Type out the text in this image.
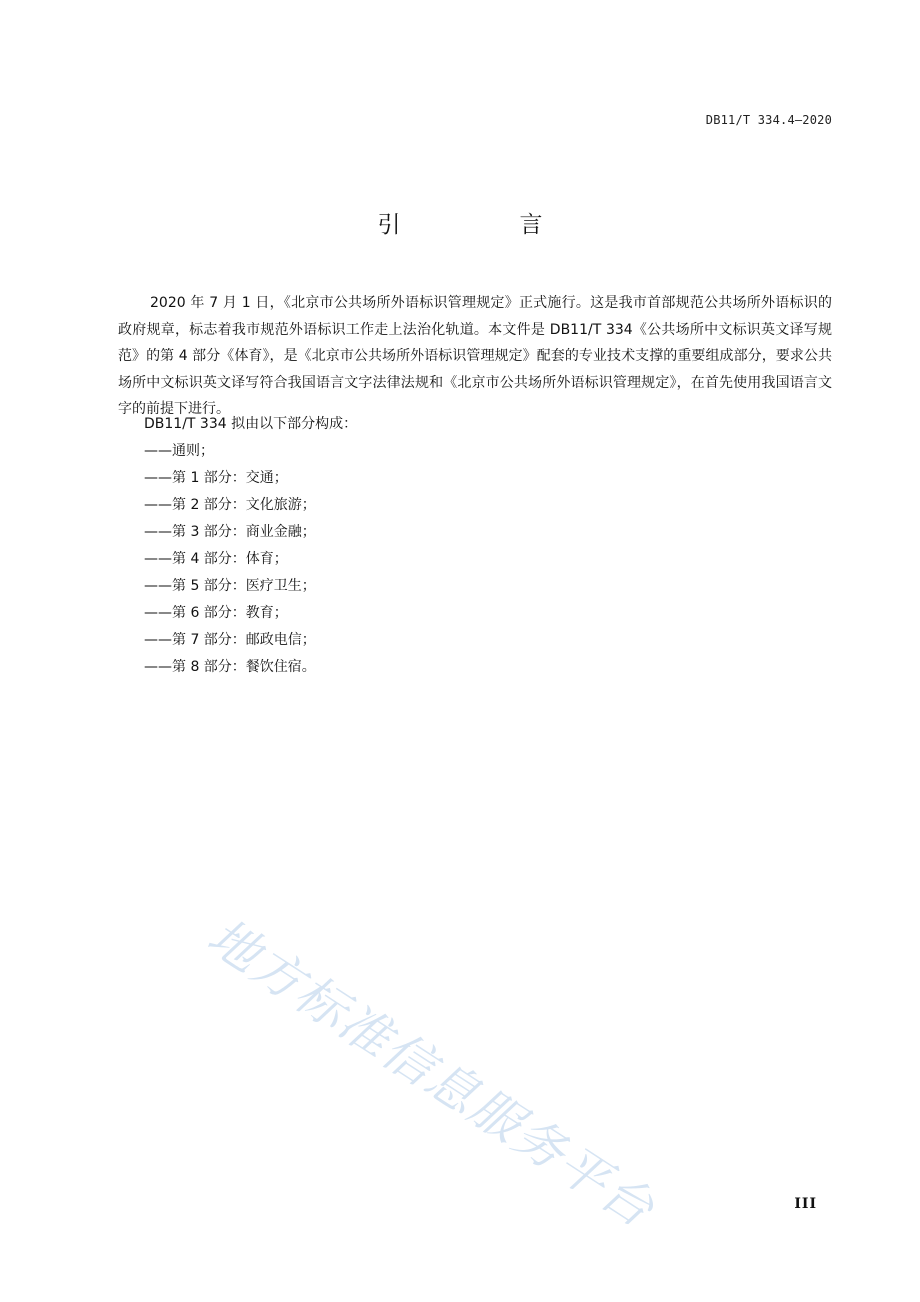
DB11/T 334.4—2020
引　言

2020 年 7 月 1 日，《北京市公共场所外语标识管理规定》正式施行。这是我市首部规范公共场所外语标识的政府规章，标志着我市规范外语标识工作走上法治化轨道。本文件是 DB11/T 334《公共场所中文标识英文译写规范》的第 4 部分《体育》，是《北京市公共场所外语标识管理规定》配套的专业技术支撑的重要组成部分，要求公共场所中文标识英文译写符合我国语言文字法律法规和《北京市公共场所外语标识管理规定》，在首先使用我国语言文字的前提下进行。

DB11/T 334 拟由以下部分构成：
——通则；
——第 1 部分：交通；
——第 2 部分：文化旅游；
——第 3 部分：商业金融；
——第 4 部分：体育；
——第 5 部分：医疗卫生；
——第 6 部分：教育；
——第 7 部分：邮政电信；
——第 8 部分：餐饮住宿。
地方标准信息服务平台	III
